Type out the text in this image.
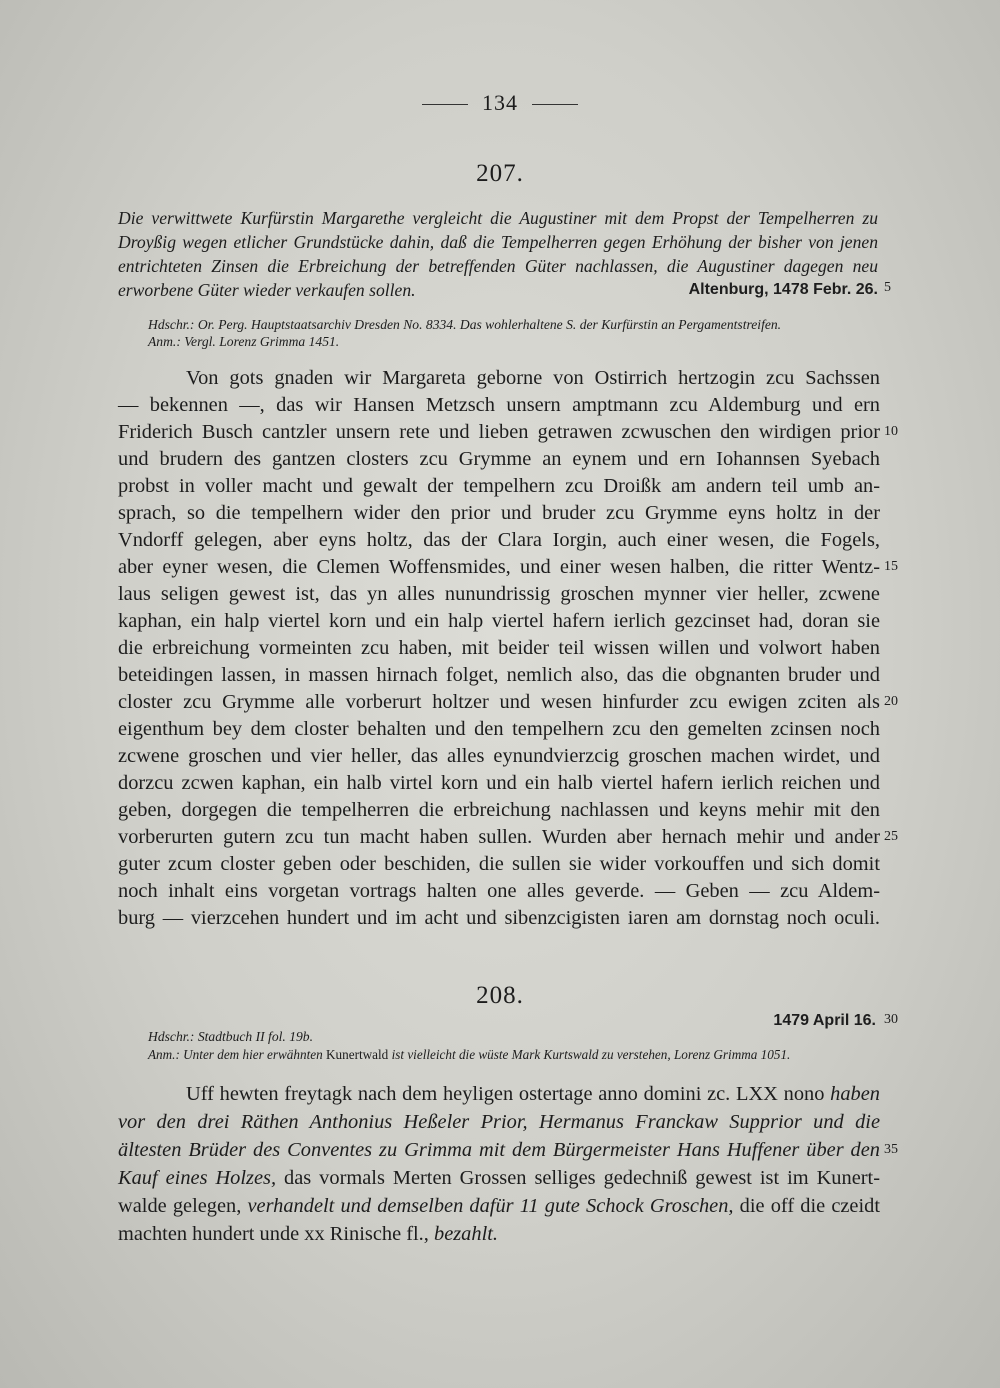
134
207.
Die verwittwete Kurfürstin Margarethe vergleicht die Augustiner mit dem Propst der Tempelherren zu Droyßig wegen etlicher Grundstücke dahin, daß die Tempelherren gegen Erhöhung der bisher von jenen entrichteten Zinsen die Erbreichung der betreffenden Güter nachlassen, die Augustiner dagegen neu erworbene Güter wieder verkaufen sollen.	Altenburg, 1478 Febr. 26. 5
Hdschr.: Or. Perg. Hauptstaatsarchiv Dresden No. 8334. Das wohlerhaltene S. der Kurfürstin an Pergamentstreifen.
Anm.: Vergl. Lorenz Grimma 1451.
Von gots gnaden wir Margareta geborne von Ostirrich hertzogin zcu Sachssen
— bekennen —, das wir Hansen Metzsch unsern amptmann zcu Aldemburg und ern
Friderich Busch cantzler unsern rete und lieben getrawen zcwuschen den wirdigen prior 10
und brudern des gantzen closters zcu Grymme an eynem und ern Iohannsen Syebach
probst in voller macht und gewalt der tempelhern zcu Droißk am andern teil umb an-
sprach, so die tempelhern wider den prior und bruder zcu Grymme eyns holtz in der
Vndorff gelegen, aber eyns holtz, das der Clara Iorgin, auch einer wesen, die Fogels,
aber eyner wesen, die Clemen Woffensmides, und einer wesen halben, die ritter Wentz- 15
laus seligen gewest ist, das yn alles nunundrissig groschen mynner vier heller, zcwene
kaphan, ein halp viertel korn und ein halp viertel hafern ierlich gezcinset had, doran sie
die erbreichung vormeinten zcu haben, mit beider teil wissen willen und volwort haben
beteidingen lassen, in massen hirnach folget, nemlich also, das die obgnanten bruder und
closter zcu Grymme alle vorberurt holtzer und wesen hinfurder zcu ewigen zciten als 20
eigenthum bey dem closter behalten und den tempelhern zcu den gemelten zcinsen noch
zcwene groschen und vier heller, das alles eynundvierzcig groschen machen wirdet, und
dorzcu zcwen kaphan, ein halb virtel korn und ein halb viertel hafern ierlich reichen und
geben, dorgegen die tempelherren die erbreichung nachlassen und keyns mehir mit den
vorberurten gutern zcu tun macht haben sullen. Wurden aber hernach mehir und ander 25
guter zcum closter geben oder beschiden, die sullen sie wider vorkouffen und sich domit
noch inhalt eins vorgetan vortrags halten one alles geverde. — Geben — zcu Aldem-
burg — vierzcehen hundert und im acht und sibenzcigisten iaren am dornstag noch oculi.
208.
1479 April 16. 30
Hdschr.: Stadtbuch II fol. 19b.
Anm.: Unter dem hier erwähnten Kunertwald ist vielleicht die wüste Mark Kurtswald zu verstehen, Lorenz Grimma 1051.
Uff hewten freytagk nach dem heyligen ostertage anno domini zc. LXX nono haben
vor den drei Räthen Anthonius Heßeler Prior, Hermanus Franckaw Supprior und die
ältesten Brüder des Conventes zu Grimma mit dem Bürgermeister Hans Huffener über den 35
Kauf eines Holzes, das vormals Merten Grossen selliges gedechniß gewest ist im Kunert-
walde gelegen, verhandelt und demselben dafür 11 gute Schock Groschen, die off die czeidt
machten hundert unde xx Rinische fl., bezahlt.
